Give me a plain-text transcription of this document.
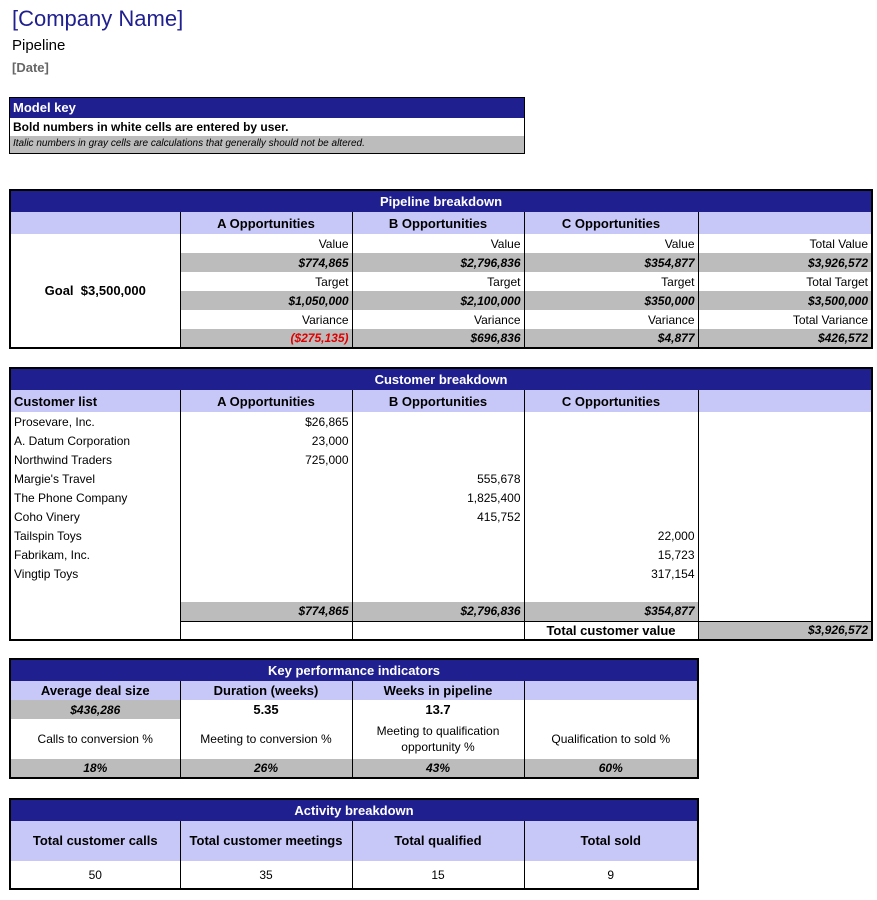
[Company Name]
Pipeline
[Date]
Model key
Bold numbers in white cells are entered by user.
Italic numbers in gray cells are calculations that generally should not be altered.
Pipeline breakdown				
	A Opportunities	B Opportunities	C Opportunities	
Goal $3,500,000	Value	Value	Value	Total Value
	$774,865	$2,796,836	$354,877	$3,926,572
	Target	Target	Target	Total Target
	$1,050,000	$2,100,000	$350,000	$3,500,000
	Variance	Variance	Variance	Total Variance
	($275,135)	$696,836	$4,877	$426,572
Customer breakdown				
Customer list	A Opportunities	B Opportunities	C Opportunities	
Prosevare, Inc.	$26,865			
A. Datum Corporation	23,000			
Northwind Traders	725,000			
Margie's Travel		555,678		
The Phone Company		1,825,400		
Coho Vinery		415,752		
Tailspin Toys			22,000	
Fabrikam, Inc.			15,723	
Vingtip Toys			317,154	

	$774,865	$2,796,836	$354,877	
			Total customer value	$3,926,572
Key performance indicators			
Average deal size	Duration (weeks)	Weeks in pipeline	
$436,286	5.35	13.7	
Calls to conversion %	Meeting to conversion %	Meeting to qualification opportunity %	Qualification to sold %
18%	26%	43%	60%
Activity breakdown			
Total customer calls	Total customer meetings	Total qualified	Total sold
50	35	15	9
